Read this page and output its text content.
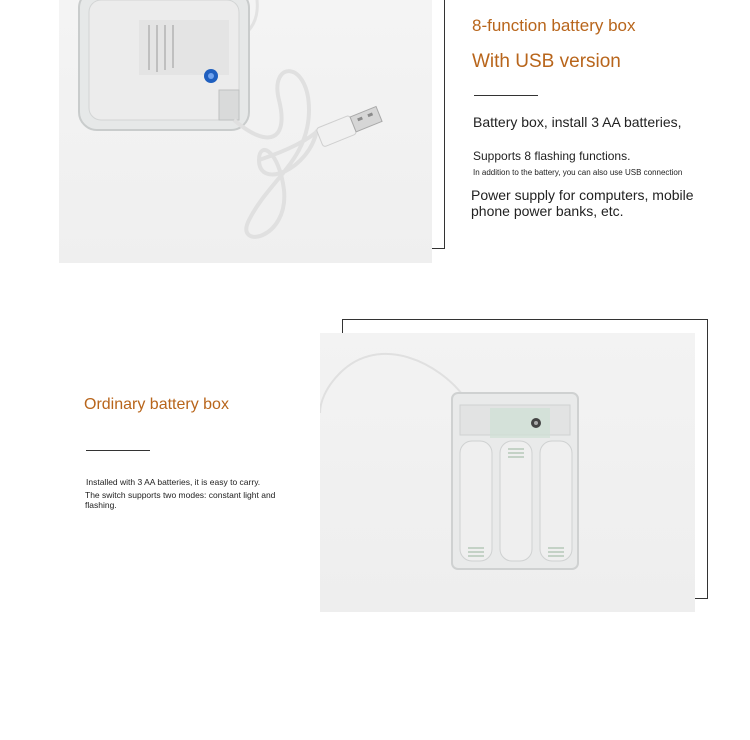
8-function battery box
With USB version
Battery box, install 3 AA batteries,
Supports 8 flashing functions.
In addition to the battery, you can also use USB connection
Power supply for computers, mobile phone power banks, etc.
Ordinary battery box
Installed with 3 AA batteries, it is easy to carry.
The switch supports two modes: constant light and flashing.
